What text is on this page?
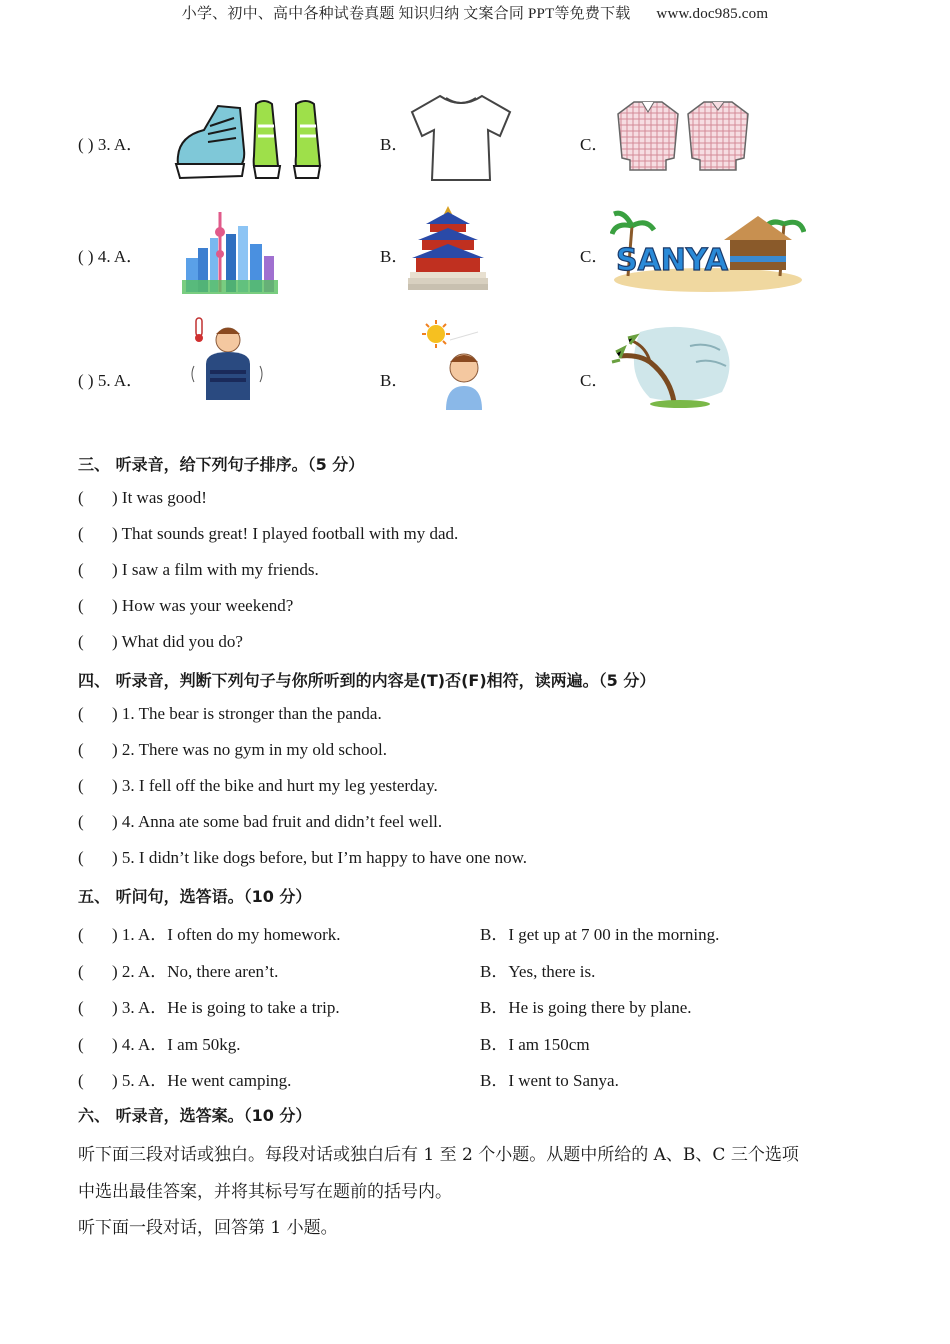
小学、初中、高中各种试卷真题 知识归纳 文案合同 PPT等免费下载 www.doc985.com
( ) 3. A．	B．	C．
( ) 4. A．	B．	C． SANYA
( ) 5. A．	B．	C．
三、 听录音，给下列句子排序。（5 分）
( ) It was good!
( ) That sounds great! I played football with my dad.
( ) I saw a film with my friends.
( ) How was your weekend?
( ) What did you do?
四、 听录音，判断下列句子与你所听到的内容是(T)否(F)相符，读两遍。（5 分）
( ) 1. The bear is stronger than the panda.
( ) 2. There was no gym in my old school.
( ) 3. I fell off the bike and hurt my leg yesterday.
( ) 4. Anna ate some bad fruit and didn’t feel well.
( ) 5. I didn’t like dogs before, but I’m happy to have one now.
五、 听问句，选答语。（10 分）
( ) 1. A．I often do my homework.	B．I get up at 7 00 in the morning.
( ) 2. A．No, there aren’t.	B．Yes, there is.
( ) 3. A．He is going to take a trip.	B．He is going there by plane.
( ) 4. A．I am 50kg.	B．I am 150cm
( ) 5. A．He went camping.	B．I went to Sanya.
六、 听录音，选答案。（10 分）
听下面三段对话或独白。每段对话或独白后有 1 至 2 个小题。从题中所给的 A、B、C 三个选项
中选出最佳答案，并将其标号写在题前的括号内。
听下面一段对话，回答第 1 小题。
